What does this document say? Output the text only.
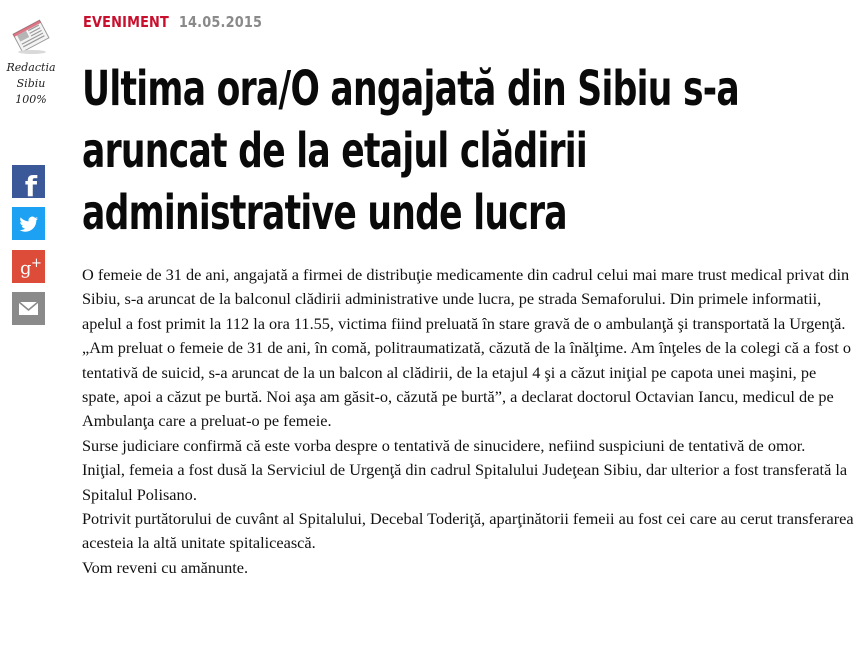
Redactia
Sibiu
100%
f
g +
EVENIMENT 14.05.2015
Ultima ora/O angajată din Sibiu s-a
aruncat de la etajul clădirii
administrative unde lucra

O femeie de 31 de ani, angajată a firmei de distribuţie medicamente din cadrul celui mai mare trust medical privat din Sibiu, s-a aruncat de la balconul clădirii administrative unde lucra, pe strada Semaforului. Din primele informatii, apelul a fost primit la 112 la ora 11.55, victima fiind preluată în stare gravă de o ambulanţă şi transportată la Urgenţă.

„Am preluat o femeie de 31 de ani, în comă, politraumatizată, căzută de la înălţime. Am înţeles de la colegi că a fost o tentativă de suicid, s-a aruncat de la un balcon al clădirii, de la etajul 4 şi a căzut iniţial pe capota unei maşini, pe spate, apoi a căzut pe burtă. Noi aşa am găsit-o, căzută pe burtă”, a declarat doctorul Octavian Iancu, medicul de pe Ambulanţa care a preluat-o pe femeie.

Surse judiciare confirmă că este vorba despre o tentativă de sinucidere, nefiind suspiciuni de tentativă de omor.

Iniţial, femeia a fost dusă la Serviciul de Urgenţă din cadrul Spitalului Judeţean Sibiu, dar ulterior a fost transferată la Spitalul Polisano.

Potrivit purtătorului de cuvânt al Spitalului, Decebal Toderiţă, aparţinătorii femeii au fost cei care au cerut transferarea acesteia la altă unitate spitalicească.

Vom reveni cu amănunte.
